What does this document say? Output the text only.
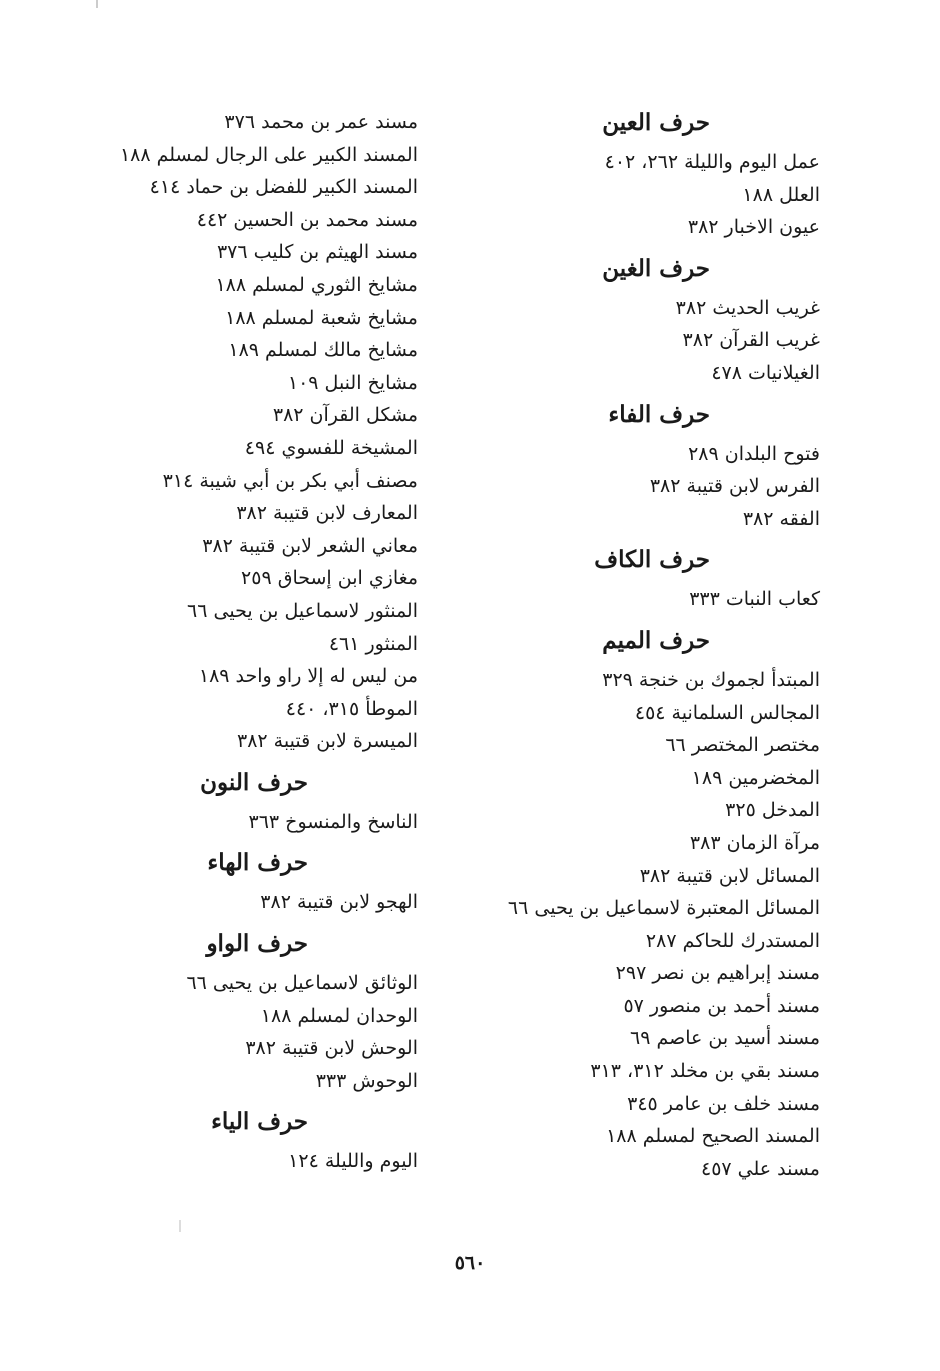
حرف العين
عمل اليوم والليلة ٢٦٢، ٤٠٢
العلل ١٨٨
عيون الاخبار ٣٨٢
حرف الغين
غريب الحديث ٣٨٢
غريب القرآن ٣٨٢
الغيلانيات ٤٧٨
حرف الفاء
فتوح البلدان ٢٨٩
الفرس لابن قتيبة ٣٨٢
الفقه ٣٨٢
حرف الكاف
كعاب النبات ٣٣٣
حرف الميم
المبتدأ لجموك بن خنجة ٣٢٩
المجالس السلمانية ٤٥٤
مختصر المختصر ٦٦
المخضرمين ١٨٩
المدخل ٣٢٥
مرآة الزمان ٣٨٣
المسائل لابن قتيبة ٣٨٢
المسائل المعتبرة لاسماعيل بن يحيى ٦٦
المستدرك للحاكم ٢٨٧
مسند إبراهيم بن نصر ٢٩٧
مسند أحمد بن منصور ٥٧
مسند أسيد بن عاصم ٦٩
مسند بقي بن مخلد ٣١٢، ٣١٣
مسند خلف بن عامر ٣٤٥
المسند الصحيح لمسلم ١٨٨
مسند علي ٤٥٧
مسند عمر بن محمد ٣٧٦
المسند الكبير على الرجال لمسلم ١٨٨
المسند الكبير للفضل بن حماد ٤١٤
مسند محمد بن الحسين ٤٤٢
مسند الهيثم بن كليب ٣٧٦
مشايخ الثوري لمسلم ١٨٨
مشايخ شعبة لمسلم ١٨٨
مشايخ مالك لمسلم ١٨٩
مشايخ النبل ١٠٩
مشكل القرآن ٣٨٢
المشيخة للفسوي ٤٩٤
مصنف أبي بكر بن أبي شيبة ٣١٤
المعارف لابن قتيبة ٣٨٢
معاني الشعر لابن قتيبة ٣٨٢
مغازي ابن إسحاق ٢٥٩
المنثور لاسماعيل بن يحيى ٦٦
المنثور ٤٦١
من ليس له إلا راو واحد ١٨٩
الموطأ ٣١٥، ٤٤٠
الميسرة لابن قتيبة ٣٨٢
حرف النون
الناسخ والمنسوخ ٣٦٣
حرف الهاء
الهجو لابن قتيبة ٣٨٢
حرف الواو
الوثائق لاسماعيل بن يحيى ٦٦
الوحدان لمسلم ١٨٨
الوحش لابن قتيبة ٣٨٢
الوحوش ٣٣٣
حرف الياء
اليوم والليلة ١٢٤
٥٦٠
